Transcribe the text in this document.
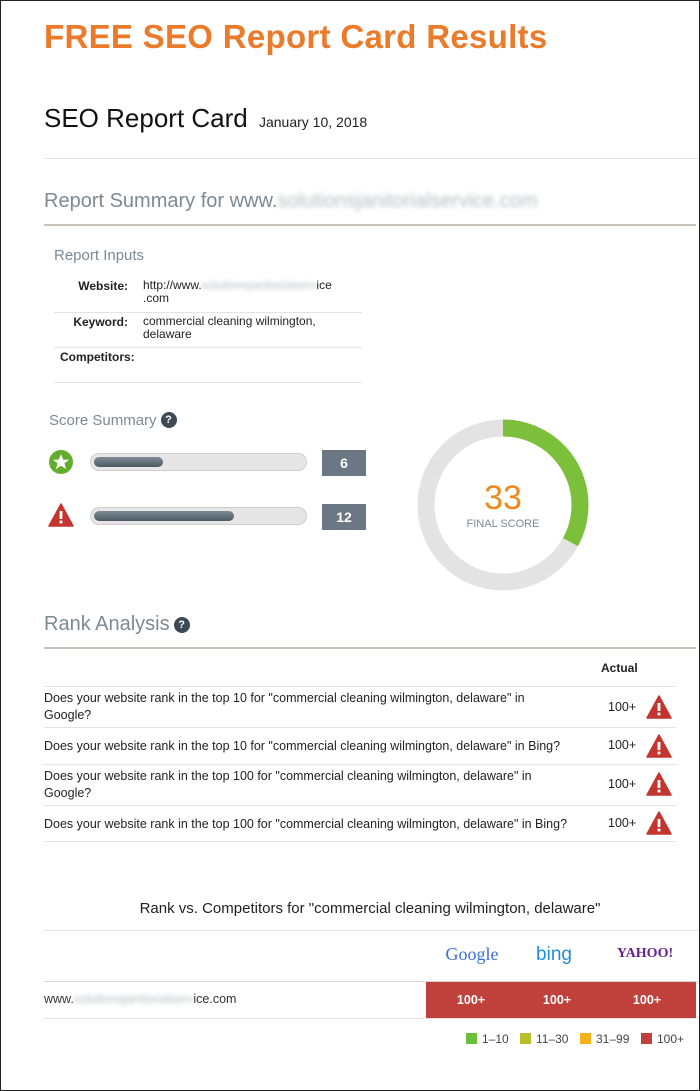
FREE SEO Report Card Results
SEO Report Card January 10, 2018
Report Summary for www.solutionsjanitorialservice.com
Report Inputs
Website: http://www.solutionsjanitorialservice
.com
Keyword: commercial cleaning wilmington,
delaware
Competitors:
Score Summary ?
6
12	33
FINAL SCORE
Rank Analysis ?
Actual
Does your website rank in the top 10 for "commercial cleaning wilmington, delaware" in
Google?
100+
Does your website rank in the top 10 for "commercial cleaning wilmington, delaware" in Bing?	100+
Does your website rank in the top 100 for "commercial cleaning wilmington, delaware" in
Google?
100+
Does your website rank in the top 100 for "commercial cleaning wilmington, delaware" in Bing?	100+
Rank vs. Competitors for "commercial cleaning wilmington, delaware"
Google	bing	YAHOO!
www.solutionsjanitorialservice.com	100+	100+	100+
1–10	11–30	31–99	100+
